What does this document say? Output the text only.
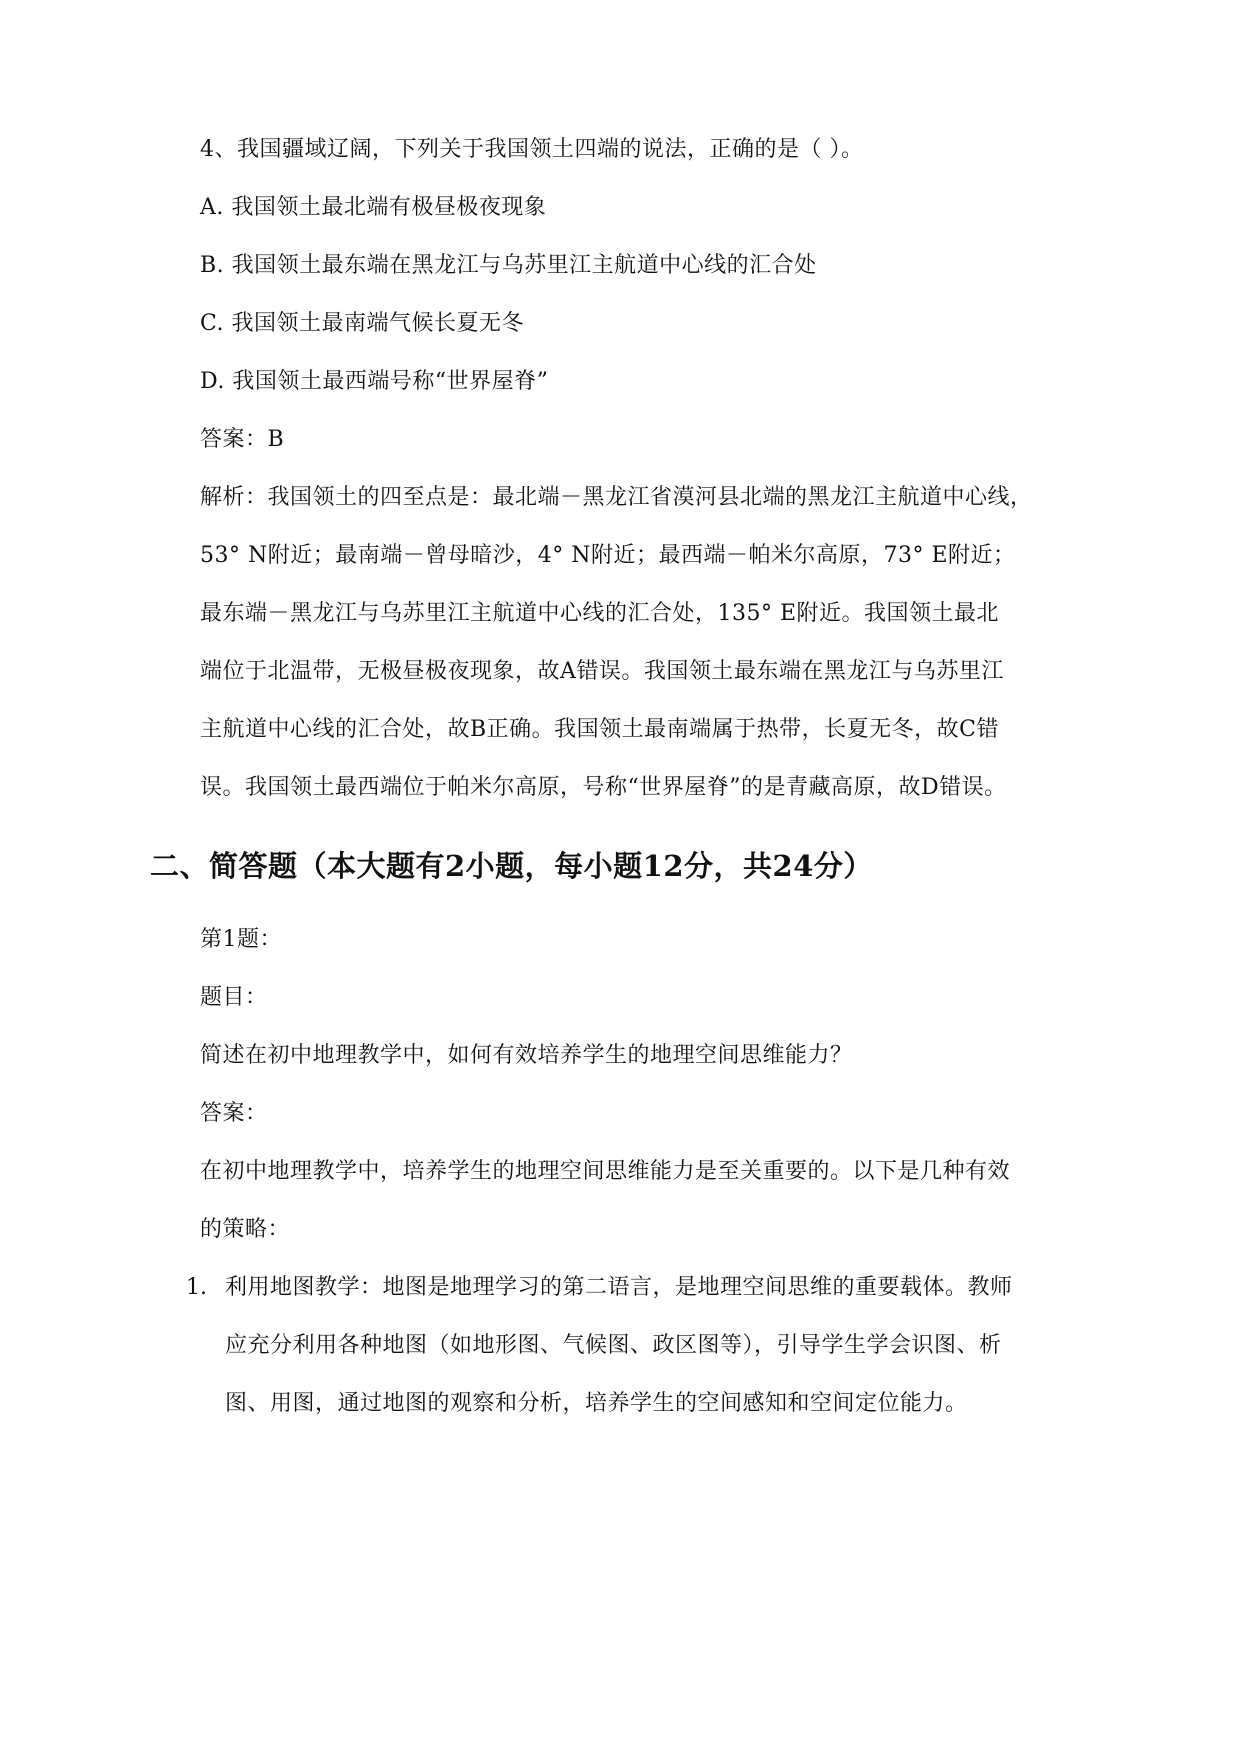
4、我国疆域辽阔，下列关于我国领土四端的说法，正确的是（ ）。
A. 我国领土最北端有极昼极夜现象
B. 我国领土最东端在黑龙江与乌苏里江主航道中心线的汇合处
C. 我国领土最南端气候长夏无冬
D. 我国领土最西端号称“世界屋脊”
答案：B
解析：我国领土的四至点是：最北端－黑龙江省漠河县北端的黑龙江主航道中心线，
53° N附近；最南端－曾母暗沙，4° N附近；最西端－帕米尔高原，73° E附近；
最东端－黑龙江与乌苏里江主航道中心线的汇合处，135° E附近。我国领土最北
端位于北温带，无极昼极夜现象，故A错误。我国领土最东端在黑龙江与乌苏里江
主航道中心线的汇合处，故B正确。我国领土最南端属于热带，长夏无冬，故C错
误。我国领土最西端位于帕米尔高原，号称“世界屋脊”的是青藏高原，故D错误。
二、简答题（本大题有2小题，每小题12分，共24分）
第1题：
题目：
简述在初中地理教学中，如何有效培养学生的地理空间思维能力？
答案：
在初中地理教学中，培养学生的地理空间思维能力是至关重要的。以下是几种有效
的策略：
1. 利用地图教学：地图是地理学习的第二语言，是地理空间思维的重要载体。教师
应充分利用各种地图（如地形图、气候图、政区图等），引导学生学会识图、析
图、用图，通过地图的观察和分析，培养学生的空间感知和空间定位能力。
